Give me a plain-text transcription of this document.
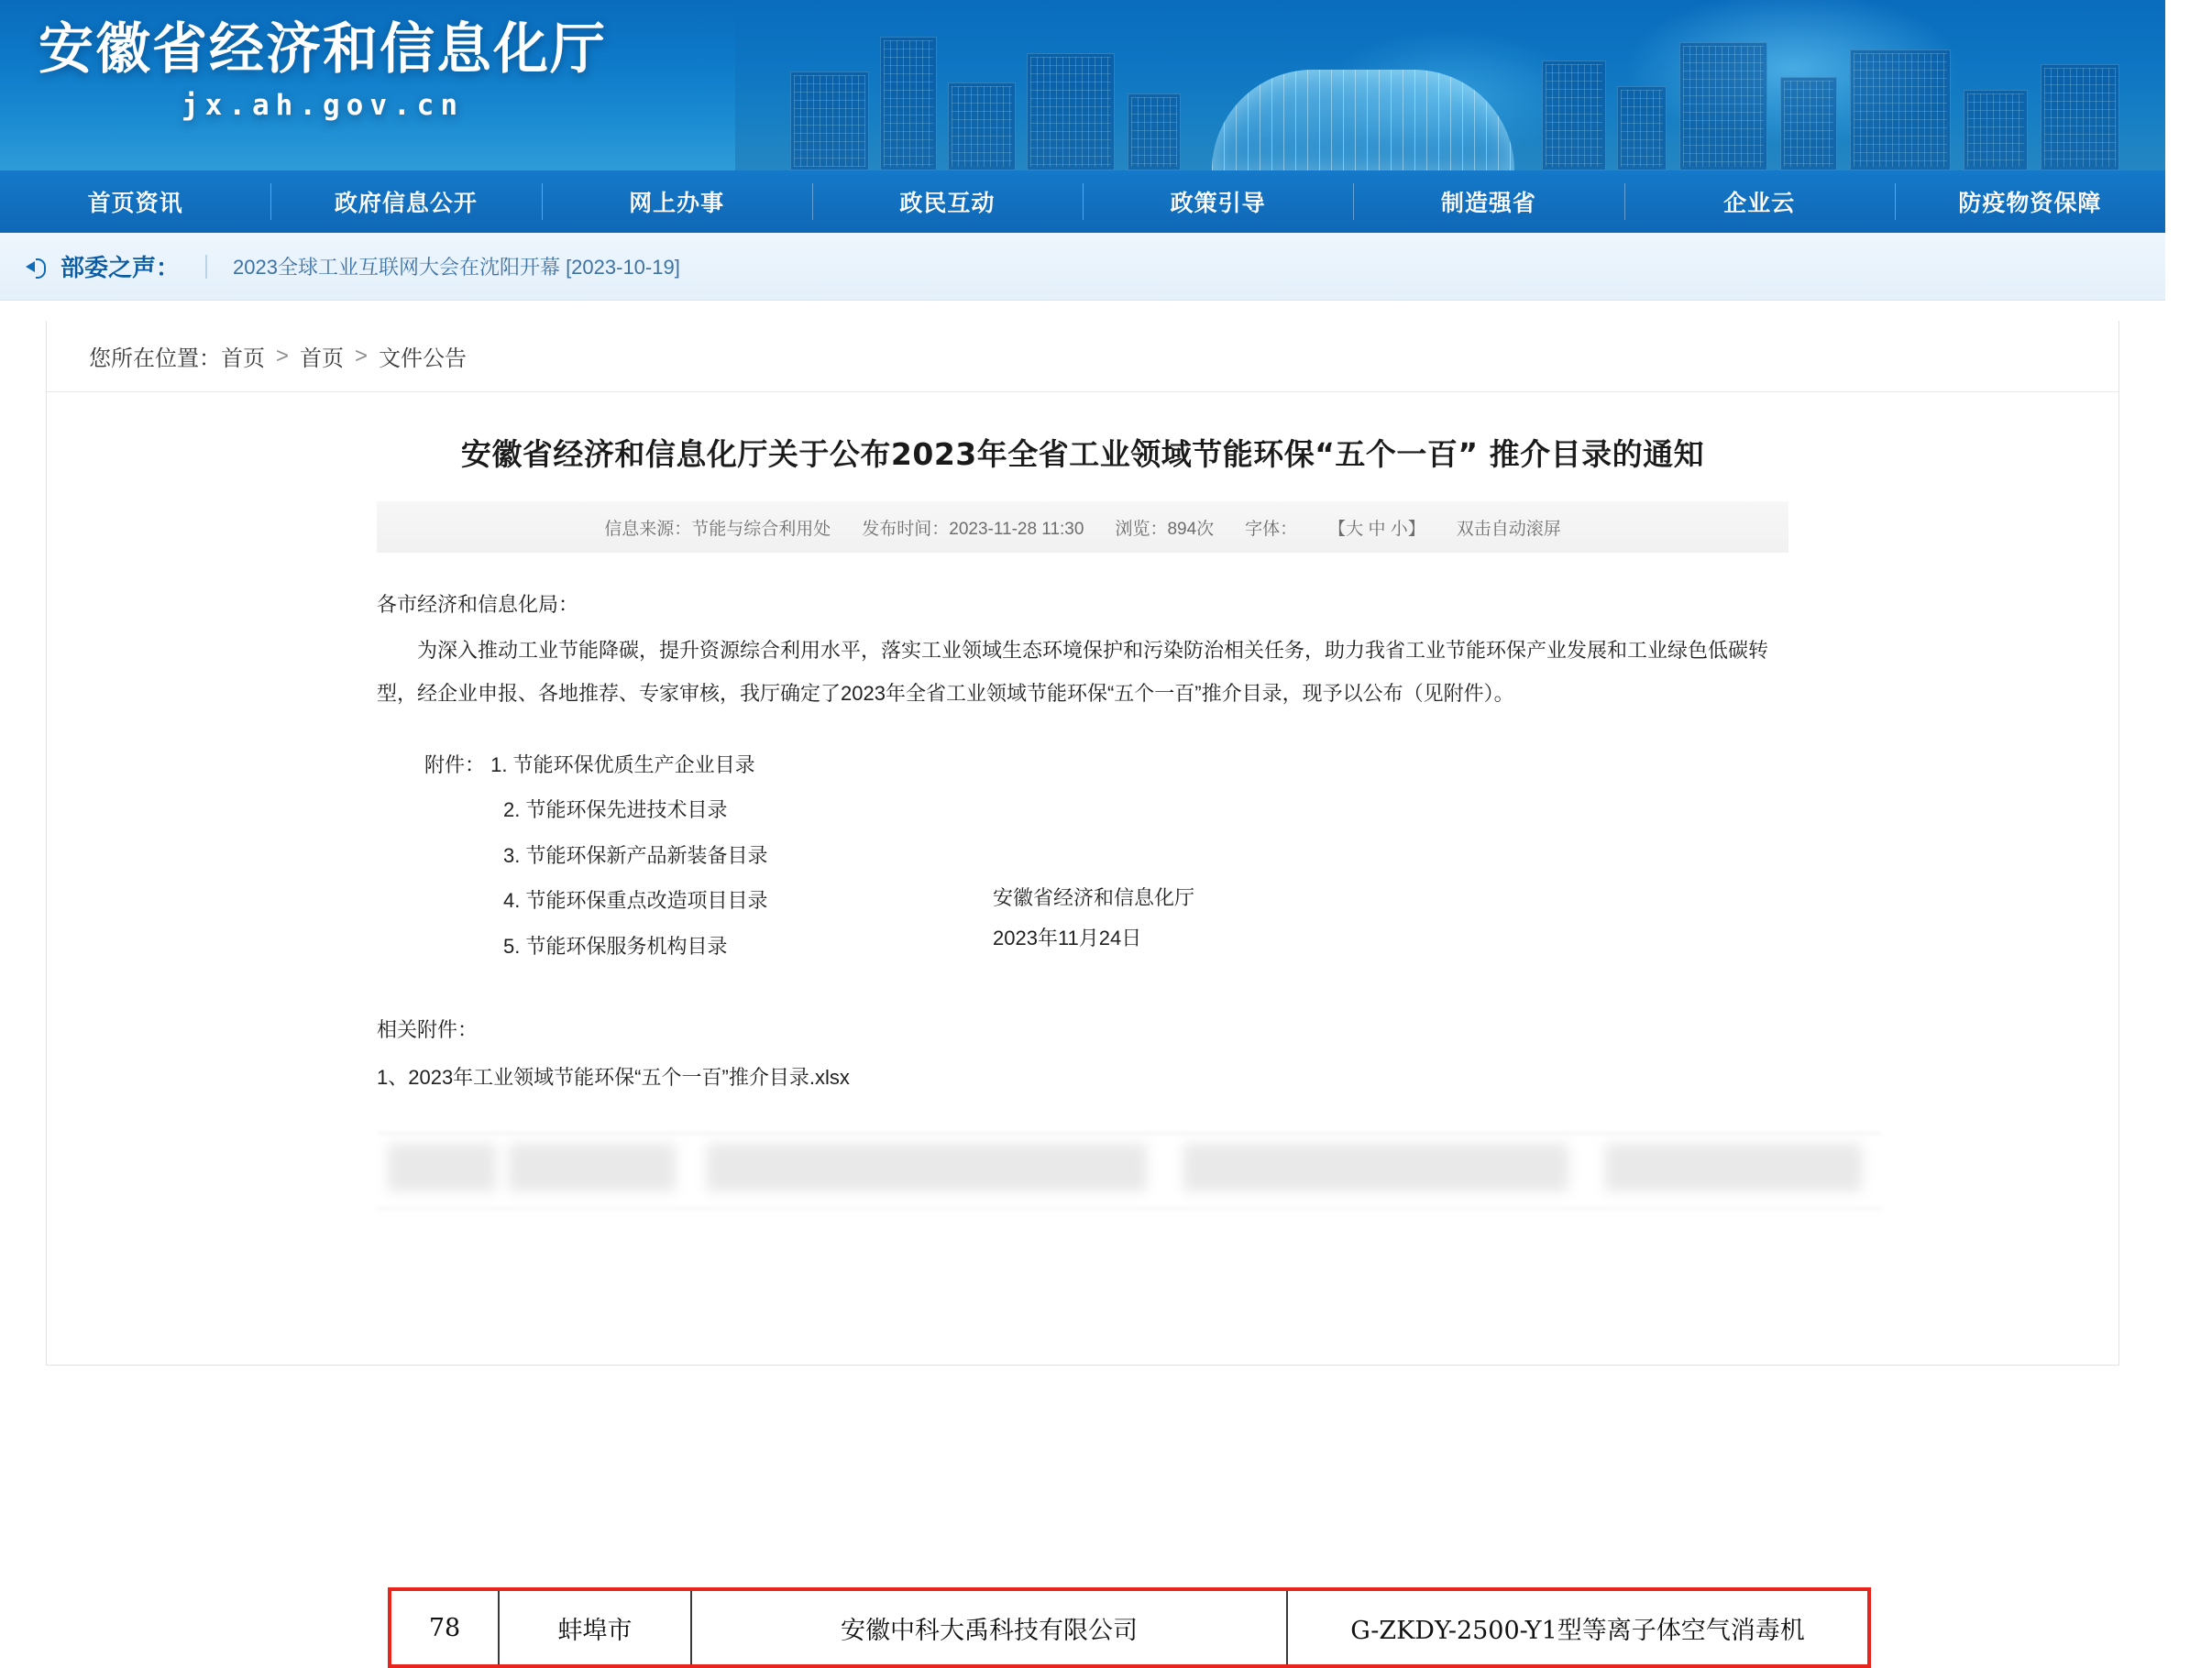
安徽省经济和信息化厅
jx.ah.gov.cn
首页资讯	政府信息公开	网上办事	政民互动	政策引导	制造强省	企业云	防疫物资保障
部委之声：	2023全球工业互联网大会在沈阳开幕 [2023-10-19]
您所在位置： 首页 > 首页 > 文件公告
安徽省经济和信息化厅关于公布2023年全省工业领域节能环保“五个一百” 推介目录的通知
信息来源：节能与综合利用处 发布时间：2023-11-28 11:30 浏览：894次 字体： 【大 中 小】 双击自动滚屏

各市经济和信息化局：

为深入推动工业节能降碳，提升资源综合利用水平，落实工业领域生态环境保护和污染防治相关任务，助力我省工业节能环保产业发展和工业绿色低碳转型，经企业申报、各地推荐、专家审核，我厅确定了2023年全省工业领域节能环保“五个一百”推介目录，现予以公布（见附件）。

附件： 1. 节能环保优质生产企业目录
2. 节能环保先进技术目录
3. 节能环保新产品新装备目录
4. 节能环保重点改造项目目录
5. 节能环保服务机构目录
安徽省经济和信息化厅
2023年11月24日
相关附件：
1、2023年工业领域节能环保“五个一百”推介目录.xlsx
78	蚌埠市	安徽中科大禹科技有限公司	G-ZKDY-2500-Y1型等离子体空气消毒机
